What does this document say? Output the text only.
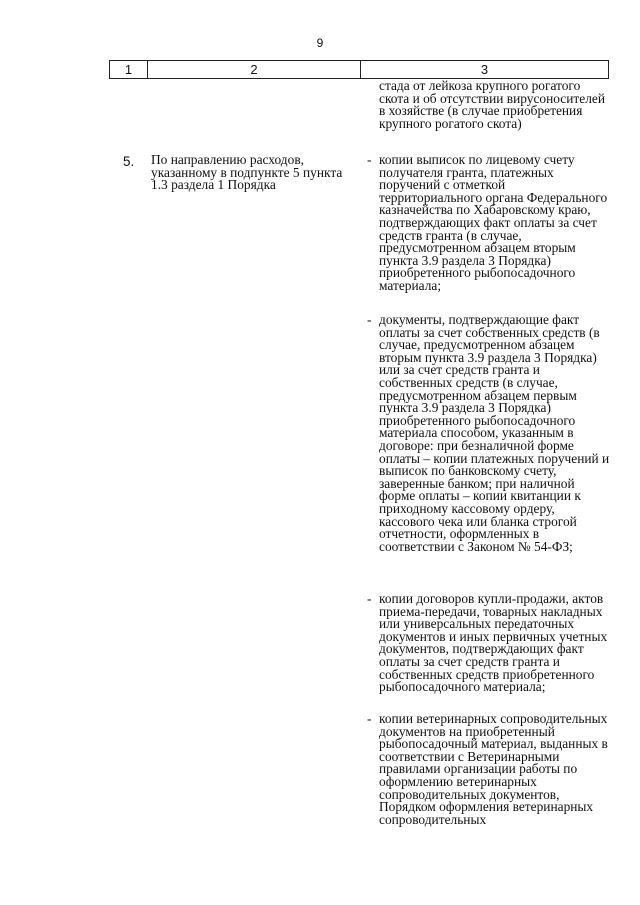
9
1	2	3
стада от лейкоза крупного рогатого скота и об отсутствии вирусоносителей в хозяйстве (в случае приобретения крупного рогатого скота)
5. По направлению расходов, указанному в подпункте 5 пункта 1.3 раздела 1 Порядка
- копии выписок по лицевому счету получателя гранта, платежных поручений с отметкой территориального органа Федерального казначейства по Хабаровскому краю, подтверждающих факт оплаты за счет средств гранта (в случае, предусмотренном абзацем вторым пункта 3.9 раздела 3 Порядка) приобретенного рыбопосадочного материала;
- документы, подтверждающие факт оплаты за счет собственных средств (в случае, предусмотренном абзацем вторым пункта 3.9 раздела 3 Порядка) или за счет средств гранта и собственных средств (в случае, предусмотренном абзацем первым пункта 3.9 раздела 3 Порядка) приобретенного рыбопосадочного материала способом, указанным в договоре: при безналичной форме оплаты – копии платежных поручений и выписок по банковскому счету, заверенные банком; при наличной форме оплаты – копии квитанции к приходному кассовому ордеру, кассового чека или бланка строгой отчетности, оформленных в соответствии с Законом № 54-ФЗ;
- копии договоров купли-продажи, актов приема-передачи, товарных накладных или универсальных передаточных документов и иных первичных учетных документов, подтверждающих факт оплаты за счет средств гранта и собственных средств приобретенного рыбопосадочного материала;
- копии ветеринарных сопроводительных документов на приобретенный рыбопосадочный материал, выданных в соответствии с Ветеринарными правилами организации работы по оформлению ветеринарных сопроводительных документов, Порядком оформления ветеринарных сопроводительных
